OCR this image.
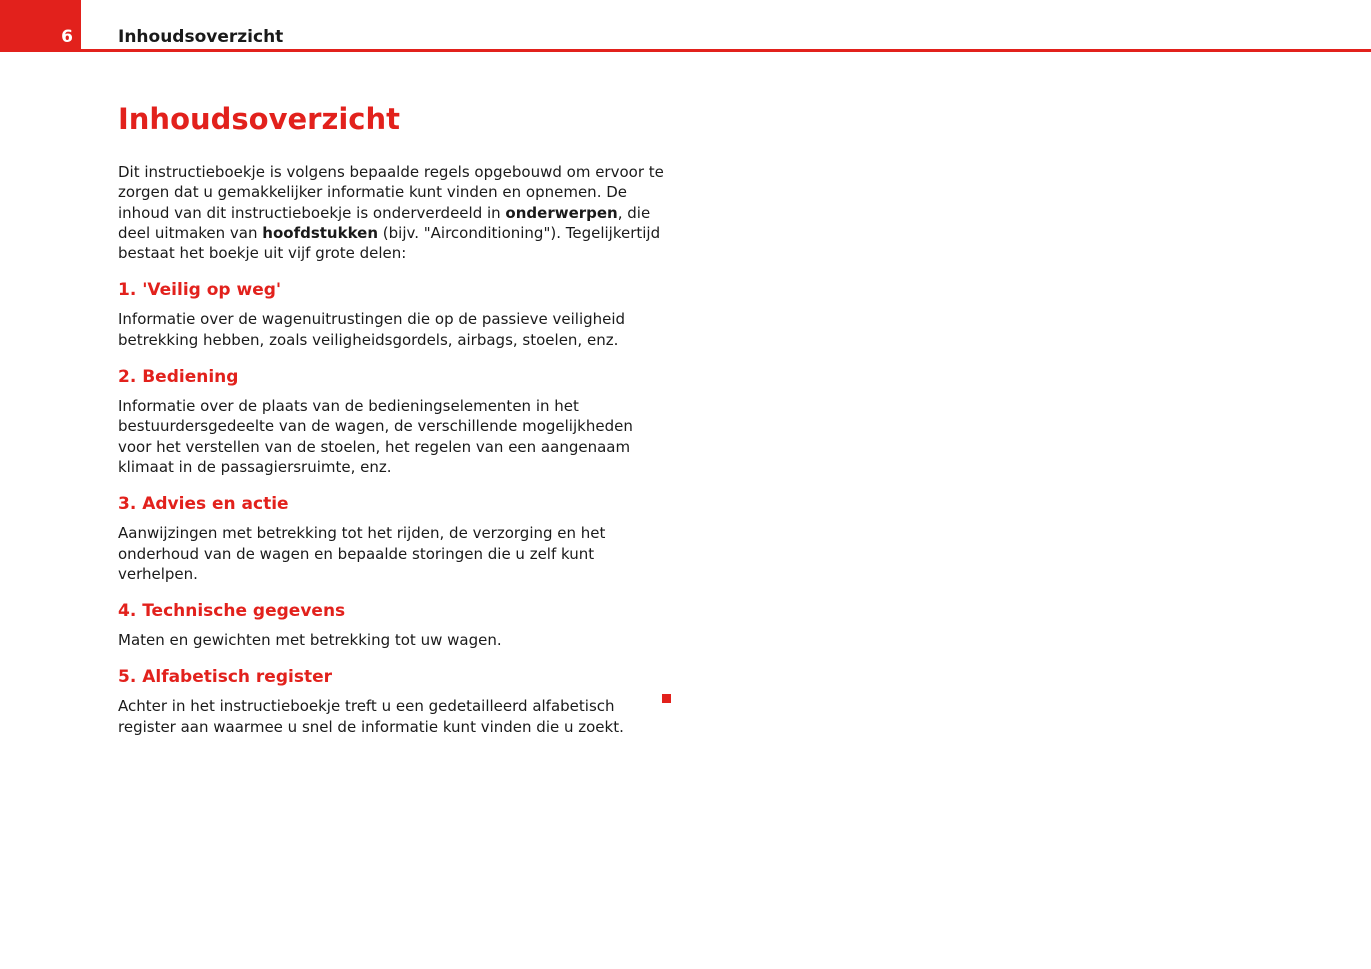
6	Inhoudsoverzicht
Inhoudsoverzicht

Dit instructieboekje is volgens bepaalde regels opgebouwd om ervoor te zorgen dat u gemakkelijker informatie kunt vinden en opnemen. De inhoud van dit instructieboekje is onderverdeeld in onderwerpen, die deel uitmaken van hoofdstukken (bijv. "Airconditioning"). Tegelijkertijd bestaat het boekje uit vijf grote delen:

1. 'Veilig op weg'

Informatie over de wagenuitrustingen die op de passieve veiligheid betrekking hebben, zoals veiligheidsgordels, airbags, stoelen, enz.

2. Bediening

Informatie over de plaats van de bedieningselementen in het bestuurdersgedeelte van de wagen, de verschillende mogelijkheden voor het verstellen van de stoelen, het regelen van een aangenaam klimaat in de passagiersruimte, enz.

3. Advies en actie

Aanwijzingen met betrekking tot het rijden, de verzorging en het onderhoud van de wagen en bepaalde storingen die u zelf kunt verhelpen.

4. Technische gegevens

Maten en gewichten met betrekking tot uw wagen.

5. Alfabetisch register

Achter in het instructieboekje treft u een gedetailleerd alfabetisch register aan waarmee u snel de informatie kunt vinden die u zoekt.
